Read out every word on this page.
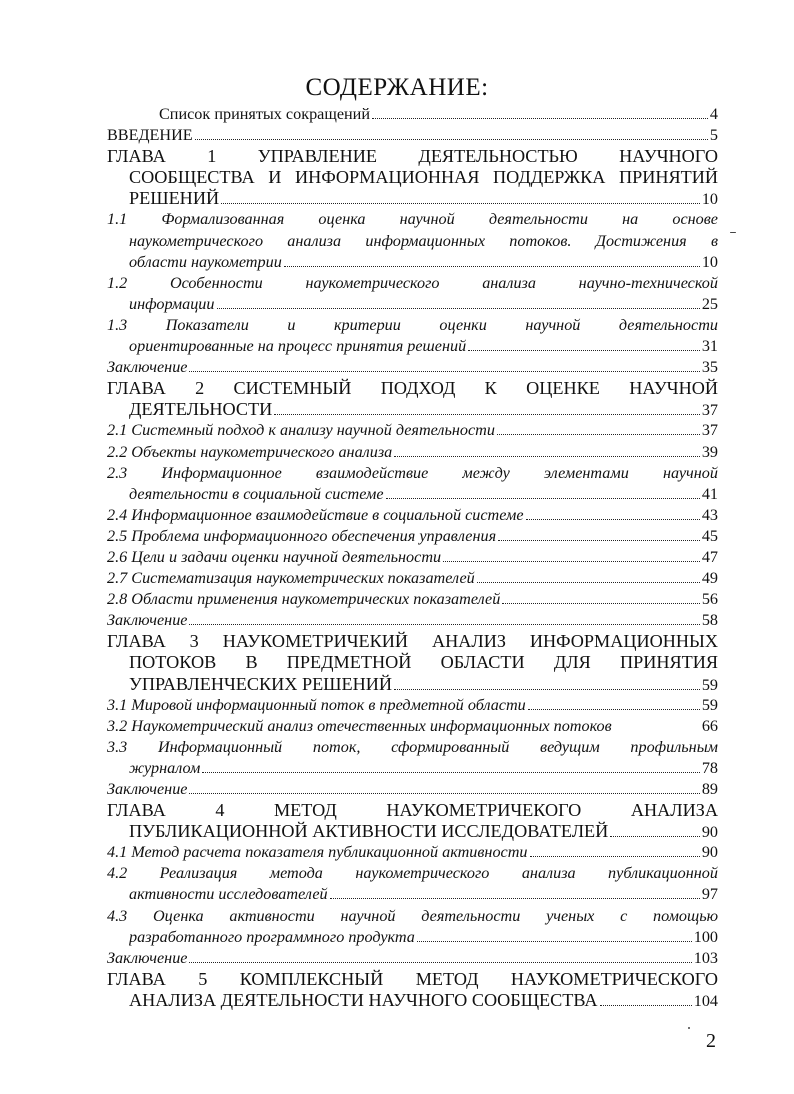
СОДЕРЖАНИЕ:
Список принятых сокращений	4
ВВЕДЕНИЕ	5
ГЛАВА 1 УПРАВЛЕНИЕ ДЕЯТЕЛЬНОСТЬЮ НАУЧНОГО
СООБЩЕСТВА И ИНФОРМАЦИОННАЯ ПОДДЕРЖКА ПРИНЯТИЙ
РЕШЕНИЙ	10
1.1 Формализованная оценка научной деятельности на основе
наукометрического анализа информационных потоков. Достижения в
области наукометрии	10
1.2 Особенности наукометрического анализа научно-технической
информации	25
1.3 Показатели и критерии оценки научной деятельности
ориентированные на процесс принятия решений	31
Заключение	35
ГЛАВА 2 СИСТЕМНЫЙ ПОДХОД К ОЦЕНКЕ НАУЧНОЙ
ДЕЯТЕЛЬНОСТИ	37
2.1 Системный подход к анализу научной деятельности	37
2.2 Объекты наукометрического анализа	39
2.3 Информационное взаимодействие между элементами научной
деятельности в социальной системе	41
2.4 Информационное взаимодействие в социальной системе	43
2.5 Проблема информационного обеспечения управления	45
2.6 Цели и задачи оценки научной деятельности	47
2.7 Систематизация наукометрических показателей	49
2.8 Области применения наукометрических показателей	56
Заключение	58
ГЛАВА 3 НАУКОМЕТРИЧЕКИЙ АНАЛИЗ ИНФОРМАЦИОННЫХ
ПОТОКОВ В ПРЕДМЕТНОЙ ОБЛАСТИ ДЛЯ ПРИНЯТИЯ
УПРАВЛЕНЧЕСКИХ РЕШЕНИЙ	59
3.1 Мировой информационный поток в предметной области	59
3.2 Наукометрический анализ отечественных информационных потоков	66
3.3 Информационный поток, сформированный ведущим профильным
журналом	78
Заключение	89
ГЛАВА 4 МЕТОД НАУКОМЕТРИЧЕКОГО АНАЛИЗА
ПУБЛИКАЦИОННОЙ АКТИВНОСТИ ИССЛЕДОВАТЕЛЕЙ	90
4.1 Метод расчета показателя публикационной активности	90
4.2 Реализация метода наукометрического анализа публикационной
активности исследователей	97
4.3 Оценка активности научной деятельности ученых с помощью
разработанного программного продукта	100
Заключение	103
ГЛАВА 5 КОМПЛЕКСНЫЙ МЕТОД НАУКОМЕТРИЧЕСКОГО
АНАЛИЗА ДЕЯТЕЛЬНОСТИ НАУЧНОГО СООБЩЕСТВА	104
2
